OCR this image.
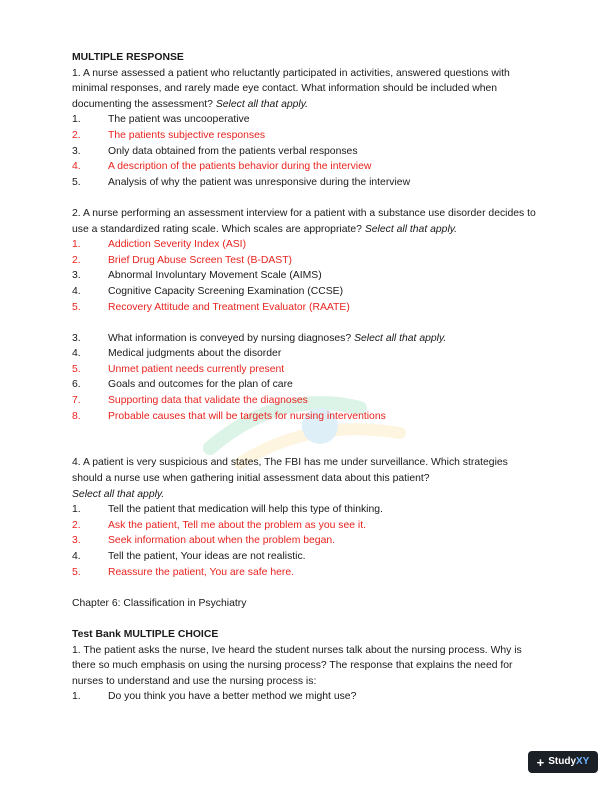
MULTIPLE RESPONSE
1. A nurse assessed a patient who reluctantly participated in activities, answered questions with minimal responses, and rarely made eye contact. What information should be included when documenting the assessment? Select all that apply.
1.	The patient was uncooperative
2.	The patients subjective responses
3.	Only data obtained from the patients verbal responses
4.	A description of the patients behavior during the interview
5.	Analysis of why the patient was unresponsive during the interview
2. A nurse performing an assessment interview for a patient with a substance use disorder decides to use a standardized rating scale. Which scales are appropriate? Select all that apply.
1.	Addiction Severity Index (ASI)
2.	Brief Drug Abuse Screen Test (B-DAST)
3.	Abnormal Involuntary Movement Scale (AIMS)
4.	Cognitive Capacity Screening Examination (CCSE)
5.	Recovery Attitude and Treatment Evaluator (RAATE)
3.	What information is conveyed by nursing diagnoses? Select all that apply.
4.	Medical judgments about the disorder
5.	Unmet patient needs currently present
6.	Goals and outcomes for the plan of care
7.	Supporting data that validate the diagnoses
8.	Probable causes that will be targets for nursing interventions
4. A patient is very suspicious and states, The FBI has me under surveillance. Which strategies should a nurse use when gathering initial assessment data about this patient?
Select all that apply.
1.	Tell the patient that medication will help this type of thinking.
2.	Ask the patient, Tell me about the problem as you see it.
3.	Seek information about when the problem began.
4.	Tell the patient, Your ideas are not realistic.
5.	Reassure the patient, You are safe here.
Chapter 6: Classification in Psychiatry
Test Bank MULTIPLE CHOICE
1. The patient asks the nurse, Ive heard the student nurses talk about the nursing process. Why is there so much emphasis on using the nursing process? The response that explains the need for nurses to understand and use the nursing process is:
1.	Do you think you have a better method we might use?
+ Study XY
